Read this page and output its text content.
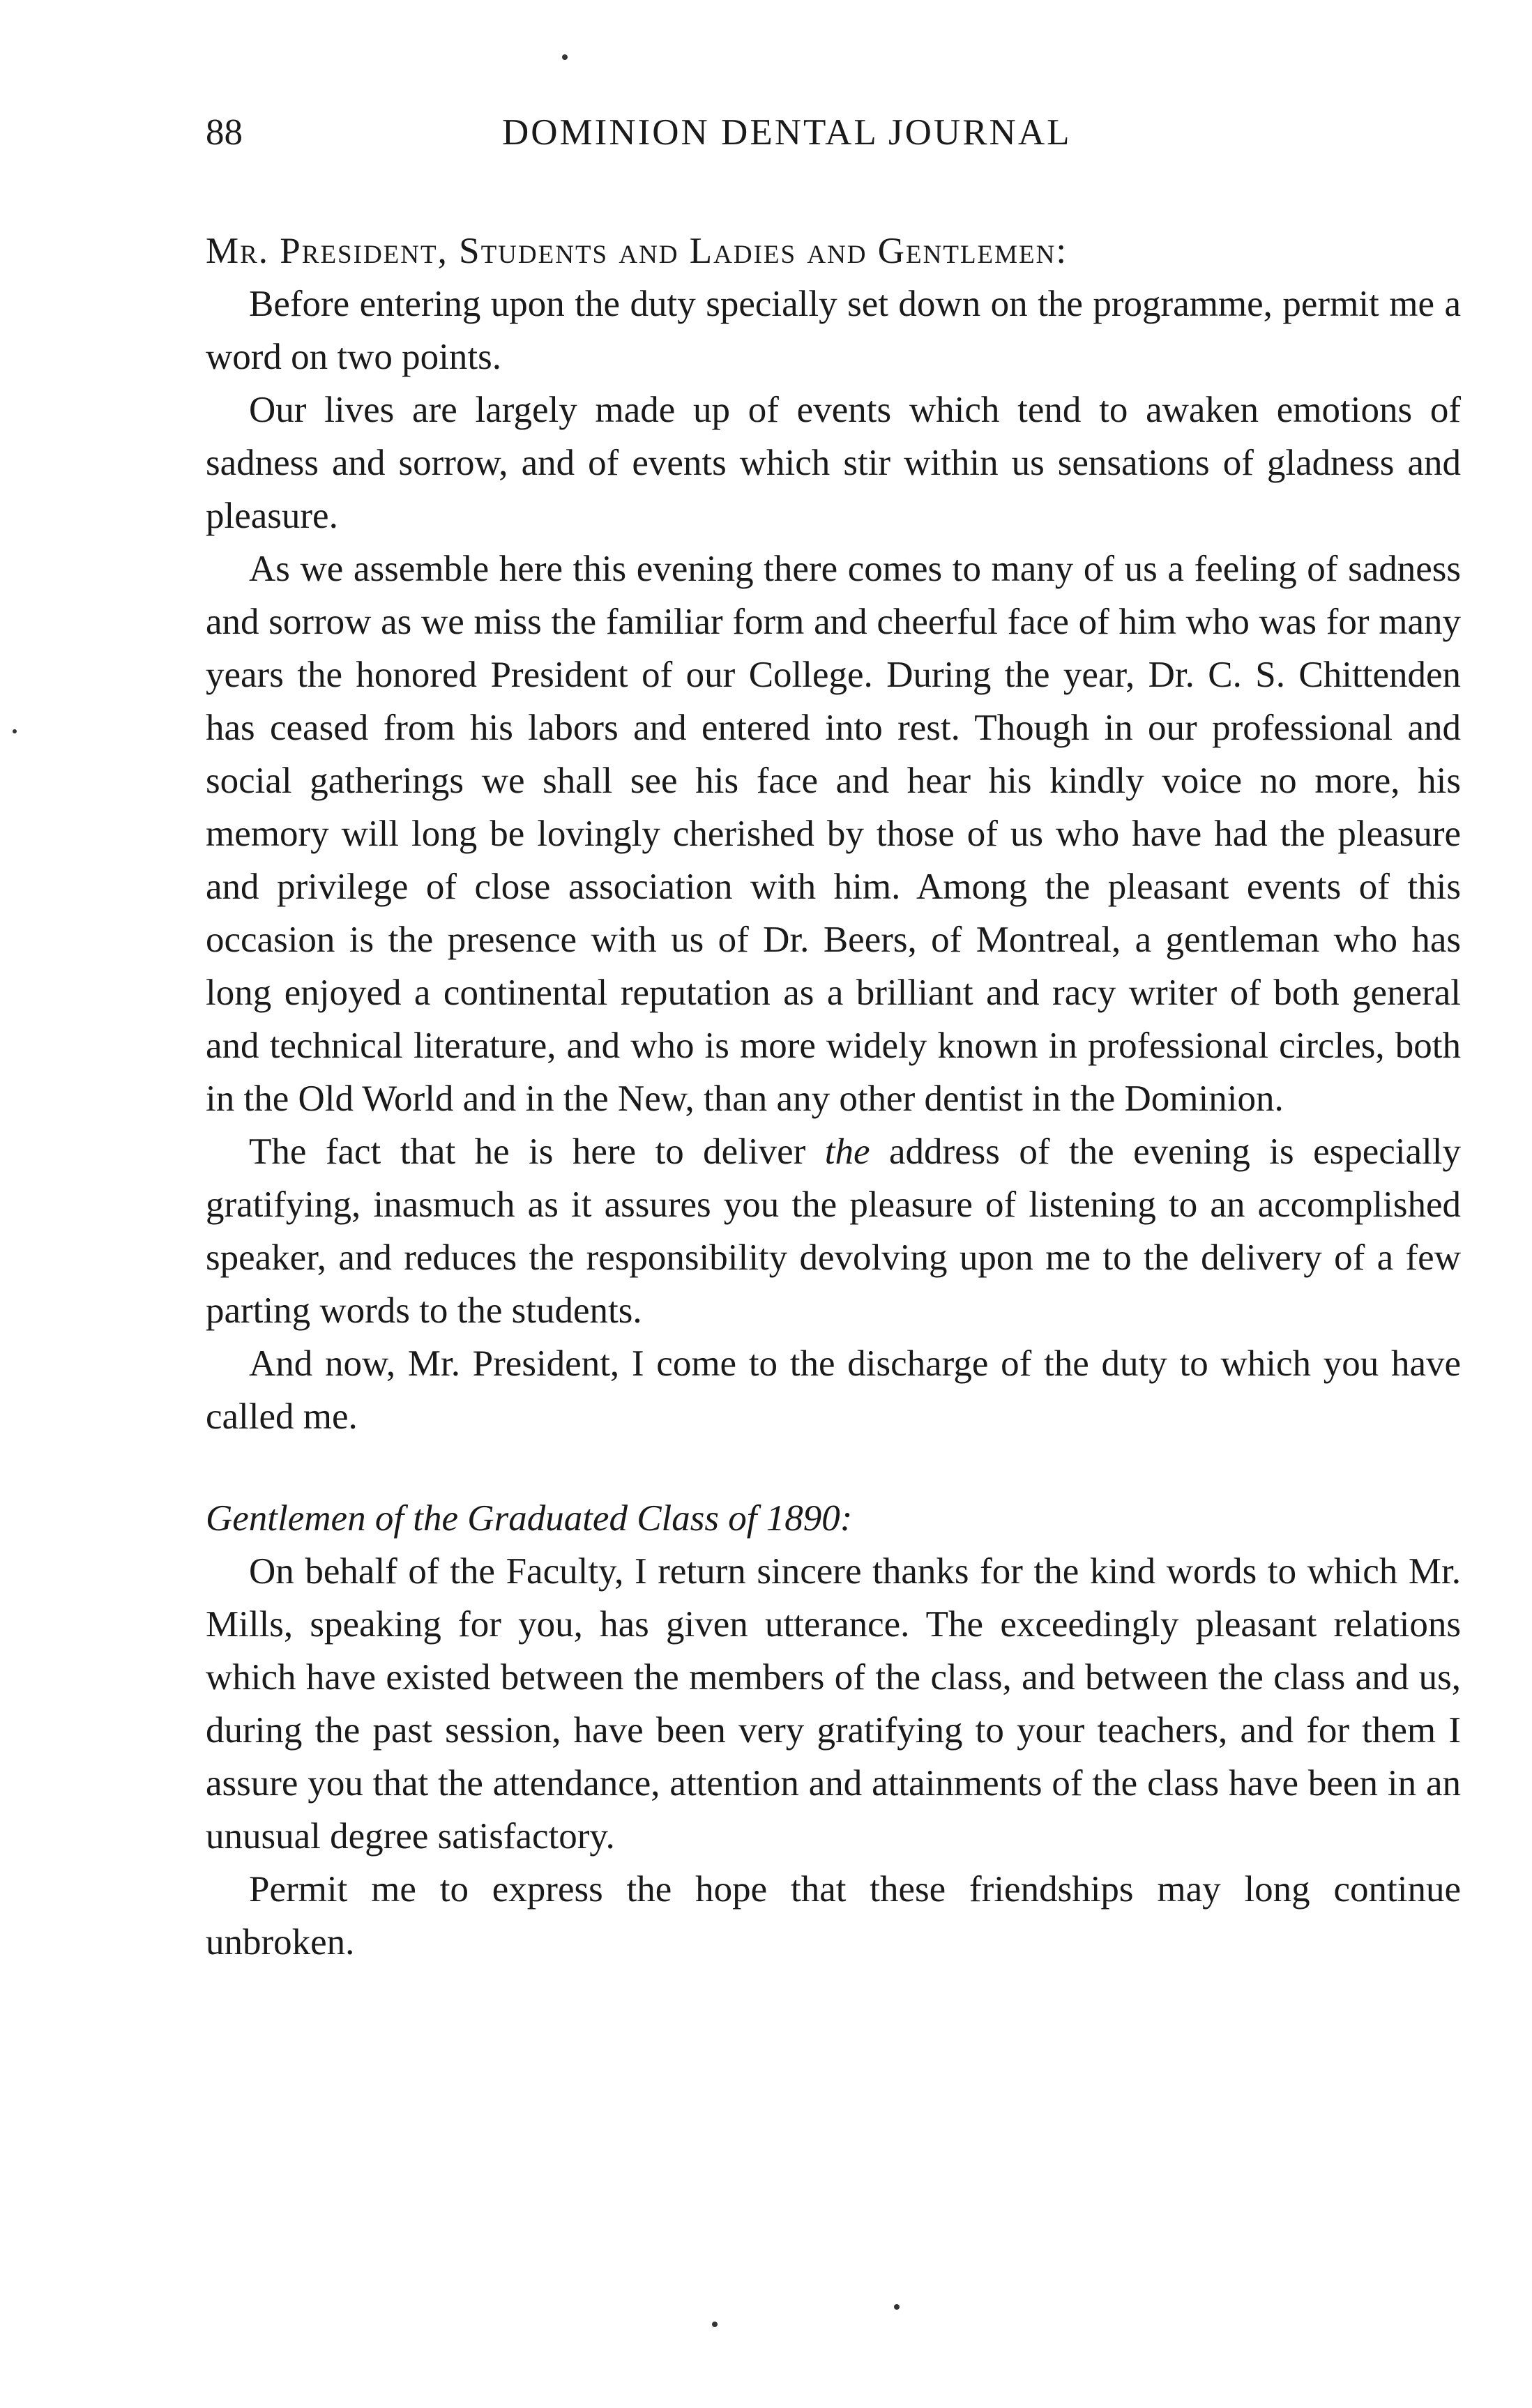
88	DOMINION DENTAL JOURNAL

Mr. President, Students and Ladies and Gentlemen:

Before entering upon the duty specially set down on the programme, permit me a word on two points.

Our lives are largely made up of events which tend to awaken emotions of sadness and sorrow, and of events which stir within us sensations of gladness and pleasure.

As we assemble here this evening there comes to many of us a feeling of sadness and sorrow as we miss the familiar form and cheerful face of him who was for many years the honored President of our College. During the year, Dr. C. S. Chittenden has ceased from his labors and entered into rest. Though in our professional and social gatherings we shall see his face and hear his kindly voice no more, his memory will long be lovingly cherished by those of us who have had the pleasure and privilege of close association with him. Among the pleasant events of this occasion is the presence with us of Dr. Beers, of Montreal, a gentleman who has long enjoyed a continental reputation as a brilliant and racy writer of both general and technical literature, and who is more widely known in professional circles, both in the Old World and in the New, than any other dentist in the Dominion.

The fact that he is here to deliver the address of the evening is especially gratifying, inasmuch as it assures you the pleasure of listening to an accomplished speaker, and reduces the responsibility devolving upon me to the delivery of a few parting words to the students.

And now, Mr. President, I come to the discharge of the duty to which you have called me.

Gentlemen of the Graduated Class of 1890:

On behalf of the Faculty, I return sincere thanks for the kind words to which Mr. Mills, speaking for you, has given utterance. The exceedingly pleasant relations which have existed between the members of the class, and between the class and us, during the past session, have been very gratifying to your teachers, and for them I assure you that the attendance, attention and attainments of the class have been in an unusual degree satisfactory.

Permit me to express the hope that these friendships may long continue unbroken.
